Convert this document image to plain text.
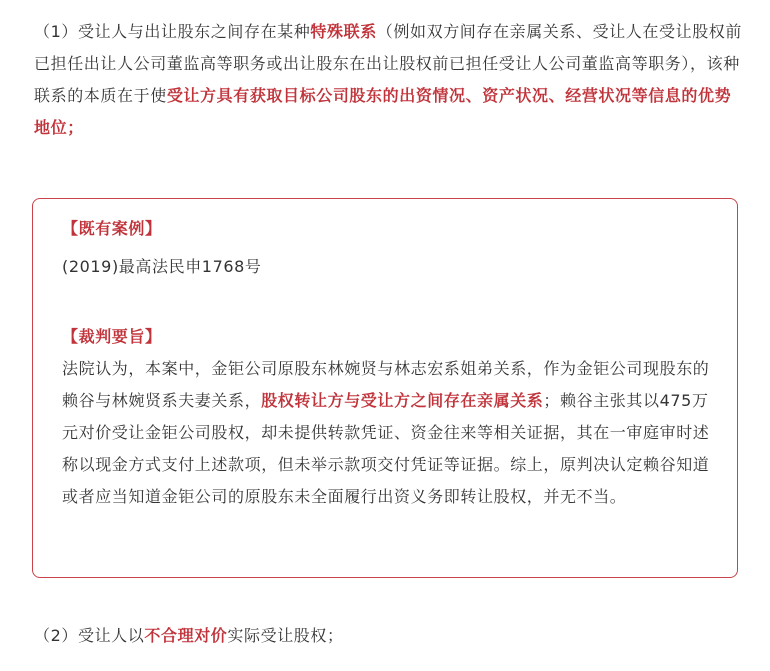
（1）受让人与出让股东之间存在某种特殊联系（例如双方间存在亲属关系、受让人在受让股权前已担任出让人公司董监高等职务或出让股东在出让股权前已担任受让人公司董监高等职务），该种联系的本质在于使受让方具有获取目标公司股东的出资情况、资产状况、经营状况等信息的优势地位；

【既有案例】

(2019)最高法民申1768号

【裁判要旨】

法院认为，本案中，金钜公司原股东林婉贤与林志宏系姐弟关系，作为金钜公司现股东的赖谷与林婉贤系夫妻关系，股权转让方与受让方之间存在亲属关系；赖谷主张其以475万元对价受让金钜公司股权，却未提供转款凭证、资金往来等相关证据，其在一审庭审时述称以现金方式支付上述款项，但未举示款项交付凭证等证据。综上，原判决认定赖谷知道或者应当知道金钜公司的原股东未全面履行出资义务即转让股权，并无不当。

（2）受让人以不合理对价实际受让股权；
